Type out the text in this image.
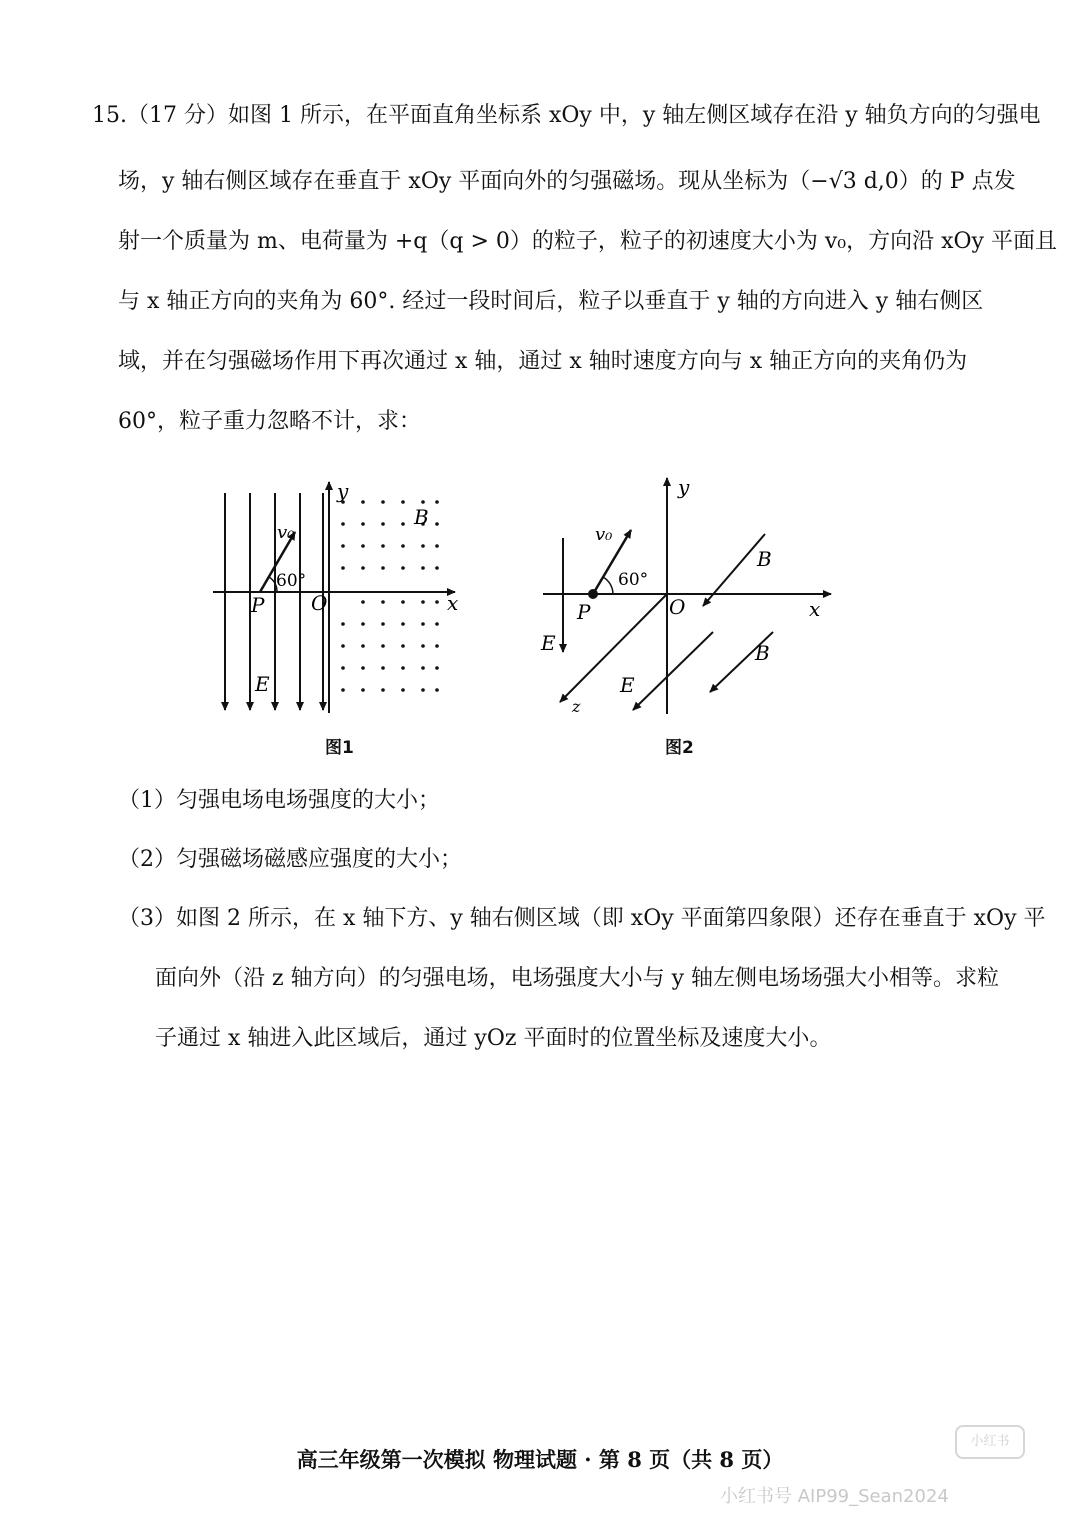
15.（17 分）如图 1 所示，在平面直角坐标系 xOy 中，y 轴左侧区域存在沿 y 轴负方向的匀强电
场，y 轴右侧区域存在垂直于 xOy 平面向外的匀强磁场。现从坐标为（−√3 d,0）的 P 点发
射一个质量为 m、电荷量为 +q（q > 0）的粒子，粒子的初速度大小为 v₀，方向沿 xOy 平面且
与 x 轴正方向的夹角为 60°. 经过一段时间后，粒子以垂直于 y 轴的方向进入 y 轴右侧区
域，并在匀强磁场作用下再次通过 x 轴，通过 x 轴时速度方向与 x 轴正方向的夹角仍为
60°，粒子重力忽略不计，求：
y
x
O
P
B
E
v₀
60°
图1
y
x
z
O
P
B
B
E
E
v₀
60°
图2
（1）匀强电场电场强度的大小；
（2）匀强磁场磁感应强度的大小；
（3）如图 2 所示，在 x 轴下方、y 轴右侧区域（即 xOy 平面第四象限）还存在垂直于 xOy 平
面向外（沿 z 轴方向）的匀强电场，电场强度大小与 y 轴左侧电场场强大小相等。求粒
子通过 x 轴进入此区域后，通过 yOz 平面时的位置坐标及速度大小。
高三年级第一次模拟 物理试题 · 第 8 页（共 8 页）
小红书
小红书号 AIP99_Sean2024
